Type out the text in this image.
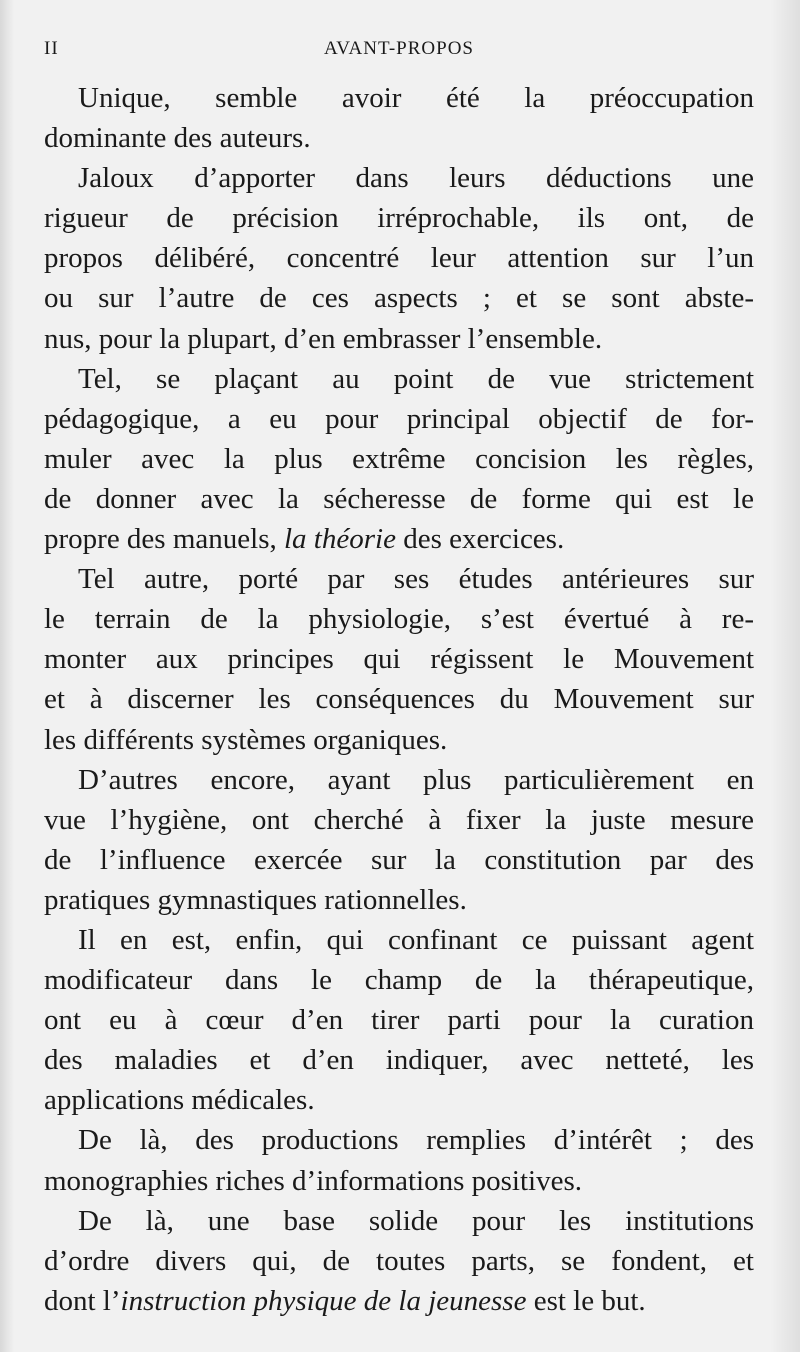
II	AVANT-PROPOS
Unique, semble avoir été la préoccupation
dominante des auteurs.
Jaloux d’apporter dans leurs déductions une
rigueur de précision irréprochable, ils ont, de
propos délibéré, concentré leur attention sur l’un
ou sur l’autre de ces aspects ; et se sont abste-
nus, pour la plupart, d’en embrasser l’ensemble.
Tel, se plaçant au point de vue strictement
pédagogique, a eu pour principal objectif de for-
muler avec la plus extrême concision les règles,
de donner avec la sécheresse de forme qui est le
propre des manuels, la théorie des exercices.
Tel autre, porté par ses études antérieures sur
le terrain de la physiologie, s’est évertué à re-
monter aux principes qui régissent le Mouvement
et à discerner les conséquences du Mouvement sur
les différents systèmes organiques.
D’autres encore, ayant plus particulièrement en
vue l’hygiène, ont cherché à fixer la juste mesure
de l’influence exercée sur la constitution par des
pratiques gymnastiques rationnelles.
Il en est, enfin, qui confinant ce puissant agent
modificateur dans le champ de la thérapeutique,
ont eu à cœur d’en tirer parti pour la curation
des maladies et d’en indiquer, avec netteté, les
applications médicales.
De là, des productions remplies d’intérêt ; des
monographies riches d’informations positives.
De là, une base solide pour les institutions
d’ordre divers qui, de toutes parts, se fondent, et
dont l’instruction physique de la jeunesse est le but.
